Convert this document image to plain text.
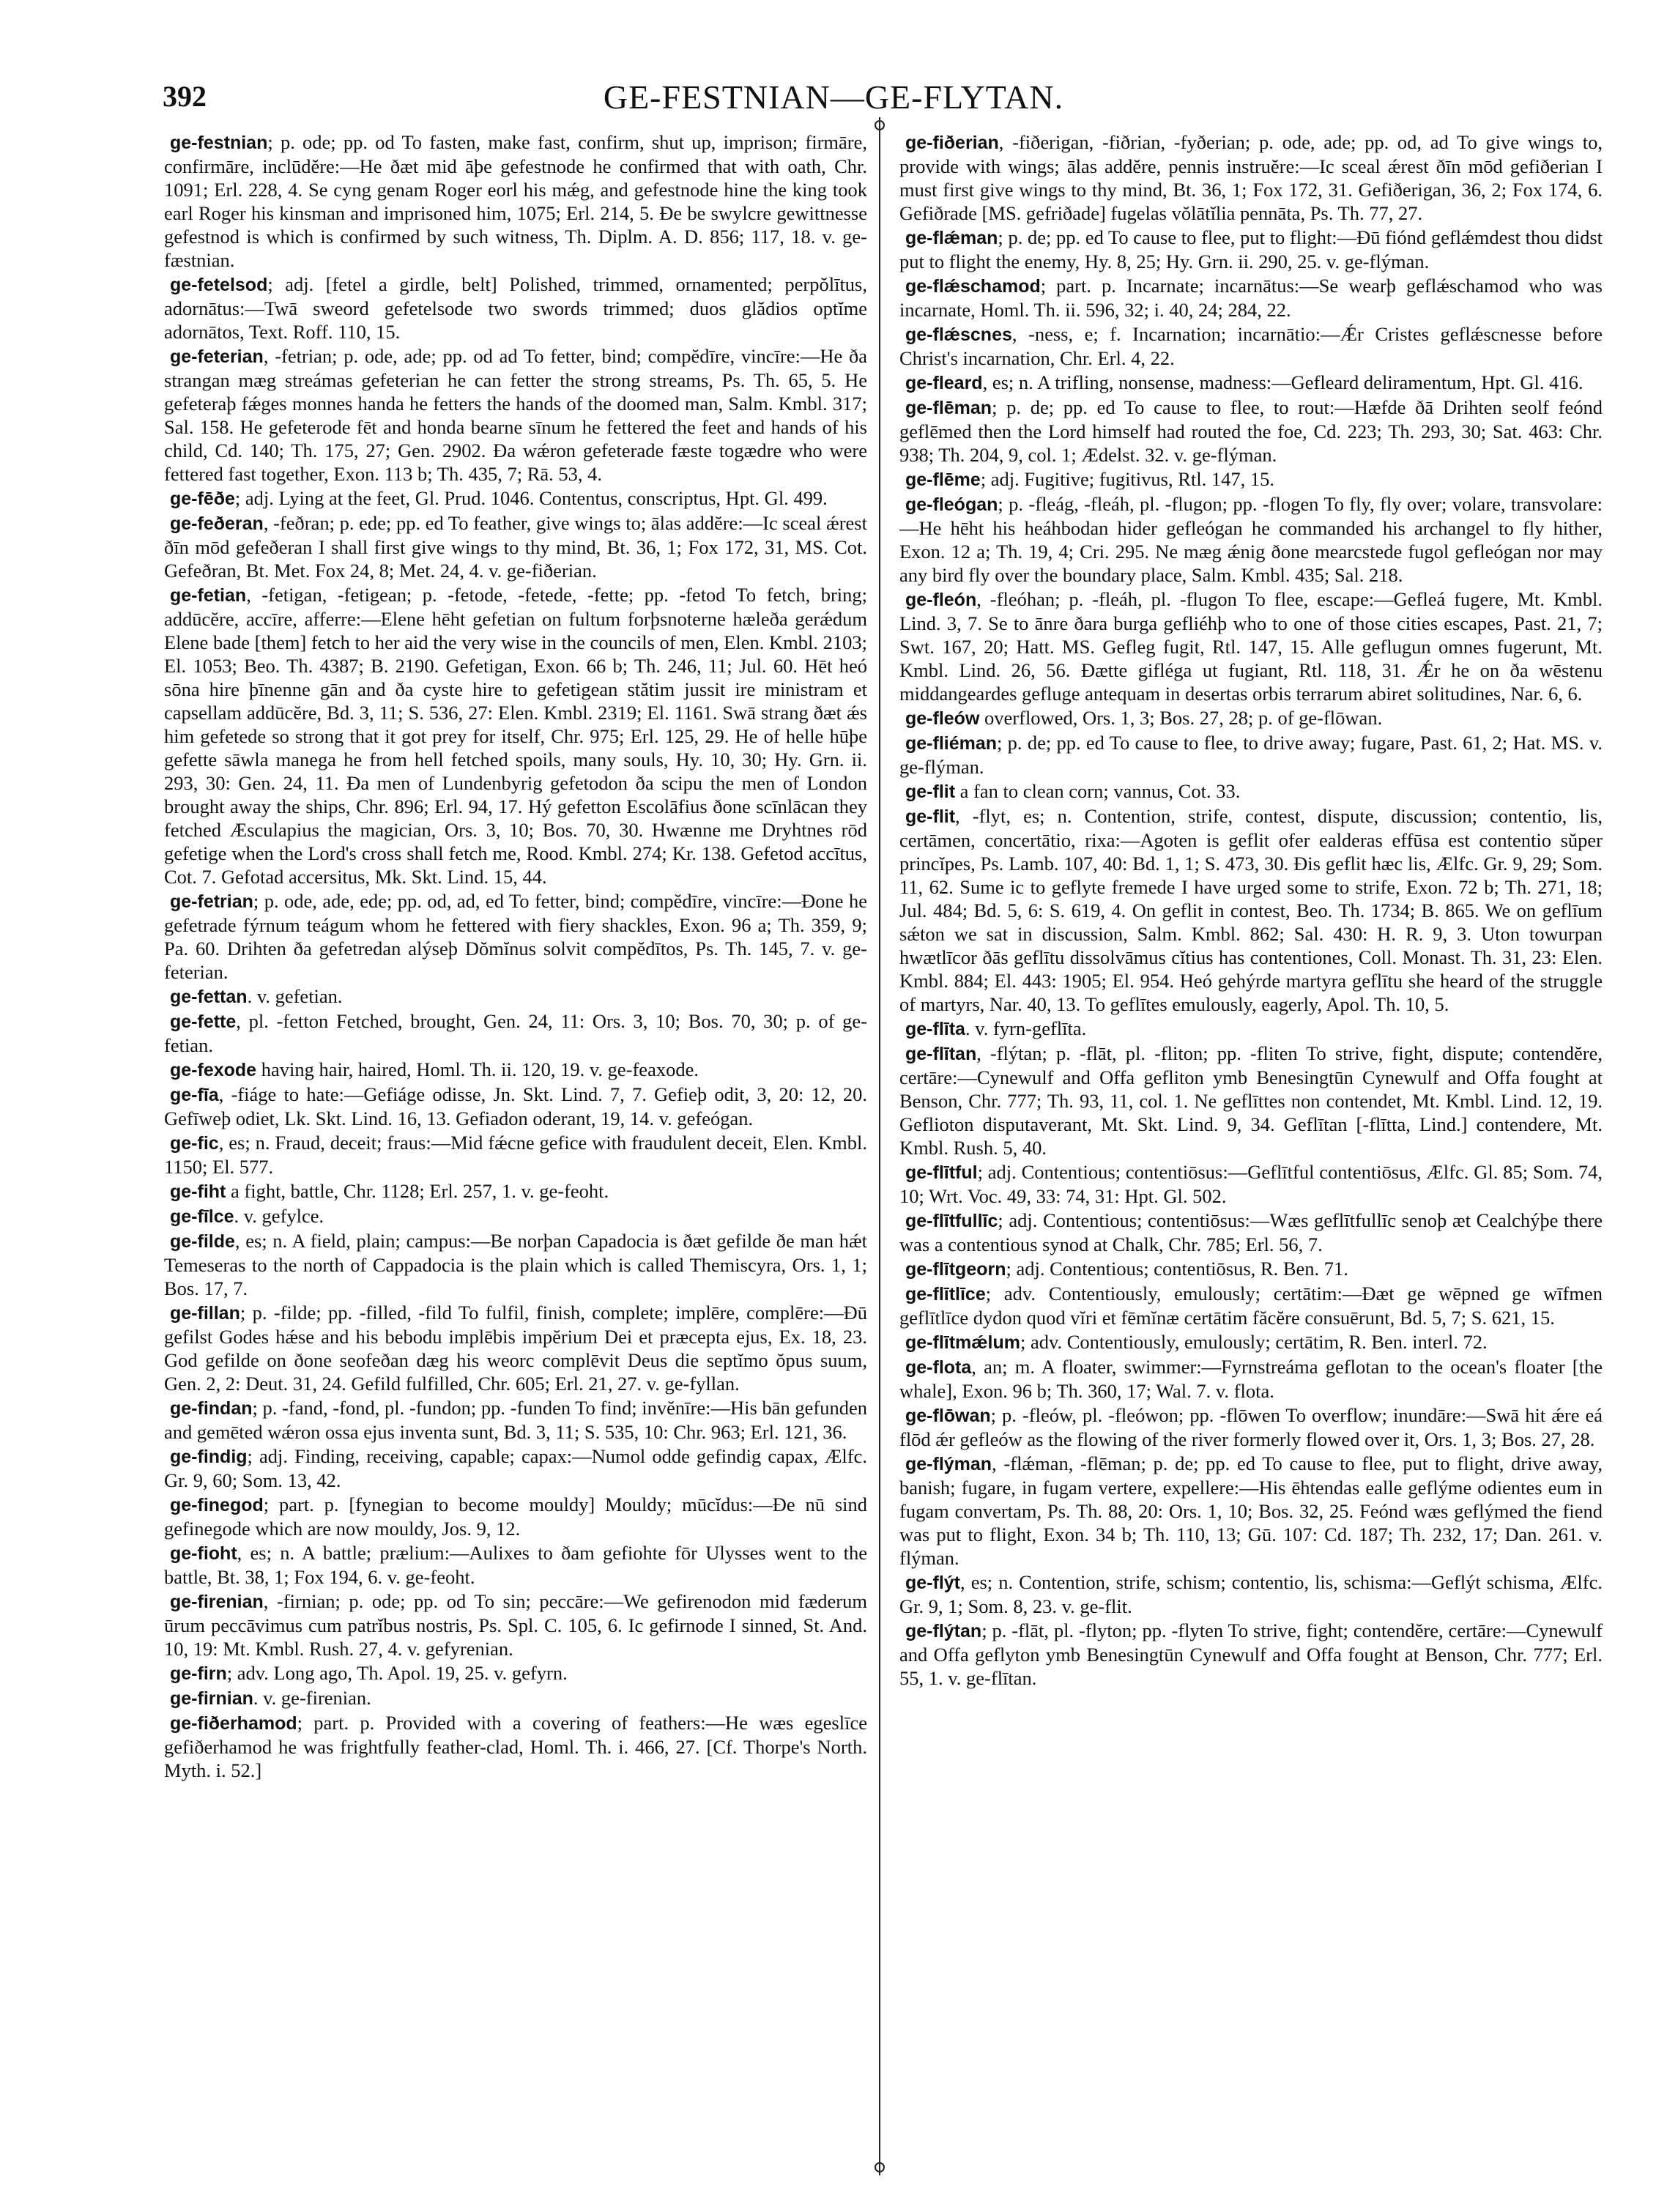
392	GE-FESTNIAN—GE-FLYTAN.

ge-festnian; p. ode; pp. od To fasten, make fast, confirm, shut up, imprison; firmāre, confirmāre, inclūdĕre:—He ðæt mid āþe gefestnode he confirmed that with oath, Chr. 1091; Erl. 228, 4. Se cyng genam Roger eorl his mǽg, and gefestnode hine the king took earl Roger his kinsman and imprisoned him, 1075; Erl. 214, 5. Ðe be swylcre gewittnesse gefestnod is which is confirmed by such witness, Th. Diplm. A. D. 856; 117, 18. v. ge-fæstnian.

ge-fetelsod; adj. [fetel a girdle, belt] Polished, trimmed, ornamented; perpŏlītus, adornātus:—Twā sweord gefetelsode two swords trimmed; duos glădios optĭme adornātos, Text. Roff. 110, 15.

ge-feterian, -fetrian; p. ode, ade; pp. od ad To fetter, bind; compĕdīre, vincīre:—He ða strangan mæg streámas gefeterian he can fetter the strong streams, Ps. Th. 65, 5. He gefeteraþ fǽges monnes handa he fetters the hands of the doomed man, Salm. Kmbl. 317; Sal. 158. He gefeterode fēt and honda bearne sīnum he fettered the feet and hands of his child, Cd. 140; Th. 175, 27; Gen. 2902. Ða wǽron gefeterade fæste togædre who were fettered fast together, Exon. 113 b; Th. 435, 7; Rā. 53, 4.

ge-fēðe; adj. Lying at the feet, Gl. Prud. 1046. Contentus, conscriptus, Hpt. Gl. 499.

ge-feðeran, -feðran; p. ede; pp. ed To feather, give wings to; ālas addĕre:—Ic sceal ǽrest ðīn mōd gefeðeran I shall first give wings to thy mind, Bt. 36, 1; Fox 172, 31, MS. Cot. Gefeðran, Bt. Met. Fox 24, 8; Met. 24, 4. v. ge-fiðerian.

ge-fetian, -fetigan, -fetigean; p. -fetode, -fetede, -fette; pp. -fetod To fetch, bring; addūcĕre, accīre, afferre:—Elene hēht gefetian on fultum forþsnoterne hæleða gerǽdum Elene bade [them] fetch to her aid the very wise in the councils of men, Elen. Kmbl. 2103; El. 1053; Beo. Th. 4387; B. 2190. Gefetigan, Exon. 66 b; Th. 246, 11; Jul. 60. Hēt heó sōna hire þīnenne gān and ða cyste hire to gefetigean stătim jussit ire ministram et capsellam addūcĕre, Bd. 3, 11; S. 536, 27: Elen. Kmbl. 2319; El. 1161. Swā strang ðæt ǽs him gefetede so strong that it got prey for itself, Chr. 975; Erl. 125, 29. He of helle hūþe gefette sāwla manega he from hell fetched spoils, many souls, Hy. 10, 30; Hy. Grn. ii. 293, 30: Gen. 24, 11. Ða men of Lundenbyrig gefetodon ða scipu the men of London brought away the ships, Chr. 896; Erl. 94, 17. Hý gefetton Escolāfius ðone scīnlācan they fetched Æsculapius the magician, Ors. 3, 10; Bos. 70, 30. Hwænne me Dryhtnes rōd gefetige when the Lord's cross shall fetch me, Rood. Kmbl. 274; Kr. 138. Gefetod accītus, Cot. 7. Gefotad accersitus, Mk. Skt. Lind. 15, 44.

ge-fetrian; p. ode, ade, ede; pp. od, ad, ed To fetter, bind; compĕdīre, vincīre:—Ðone he gefetrade fýrnum teágum whom he fettered with fiery shackles, Exon. 96 a; Th. 359, 9; Pa. 60. Drihten ða gefetredan alýseþ Dŏmĭnus solvit compĕdītos, Ps. Th. 145, 7. v. ge-feterian.

ge-fettan. v. gefetian.

ge-fette, pl. -fetton Fetched, brought, Gen. 24, 11: Ors. 3, 10; Bos. 70, 30; p. of ge-fetian.

ge-fexode having hair, haired, Homl. Th. ii. 120, 19. v. ge-feaxode.

ge-fīa, -fiáge to hate:—Gefiáge odisse, Jn. Skt. Lind. 7, 7. Gefieþ odit, 3, 20: 12, 20. Gefīweþ odiet, Lk. Skt. Lind. 16, 13. Gefiadon oderant, 19, 14. v. gefeógan.

ge-fic, es; n. Fraud, deceit; fraus:—Mid fǽcne gefice with fraudulent deceit, Elen. Kmbl. 1150; El. 577.

ge-fiht a fight, battle, Chr. 1128; Erl. 257, 1. v. ge-feoht.

ge-fīlce. v. gefylce.

ge-filde, es; n. A field, plain; campus:—Be norþan Capadocia is ðæt gefilde ðe man hǽt Temeseras to the north of Cappadocia is the plain which is called Themiscyra, Ors. 1, 1; Bos. 17, 7.

ge-fillan; p. -filde; pp. -filled, -fild To fulfil, finish, complete; implēre, complēre:—Ðū gefilst Godes hǽse and his bebodu implēbis impĕrium Dei et præcepta ejus, Ex. 18, 23. God gefilde on ðone seofeðan dæg his weorc complēvit Deus die septĭmo ŏpus suum, Gen. 2, 2: Deut. 31, 24. Gefild fulfilled, Chr. 605; Erl. 21, 27. v. ge-fyllan.

ge-findan; p. -fand, -fond, pl. -fundon; pp. -funden To find; invĕnīre:—His bān gefunden and gemēted wǽron ossa ejus inventa sunt, Bd. 3, 11; S. 535, 10: Chr. 963; Erl. 121, 36.

ge-findig; adj. Finding, receiving, capable; capax:—Numol odde gefindig capax, Ælfc. Gr. 9, 60; Som. 13, 42.

ge-finegod; part. p. [fynegian to become mouldy] Mouldy; mūcĭdus:—Ðe nū sind gefinegode which are now mouldy, Jos. 9, 12.

ge-fioht, es; n. A battle; prælium:—Aulixes to ðam gefiohte fōr Ulysses went to the battle, Bt. 38, 1; Fox 194, 6. v. ge-feoht.

ge-firenian, -firnian; p. ode; pp. od To sin; peccāre:—We gefirenodon mid fæderum ūrum peccāvimus cum patrĭbus nostris, Ps. Spl. C. 105, 6. Ic gefirnode I sinned, St. And. 10, 19: Mt. Kmbl. Rush. 27, 4. v. gefyrenian.

ge-firn; adv. Long ago, Th. Apol. 19, 25. v. gefyrn.

ge-firnian. v. ge-firenian.

ge-fiðerhamod; part. p. Provided with a covering of feathers:—He wæs egeslīce gefiðerhamod he was frightfully feather-clad, Homl. Th. i. 466, 27. [Cf. Thorpe's North. Myth. i. 52.]

ge-fiðerian, -fiðerigan, -fiðrian, -fyðerian; p. ode, ade; pp. od, ad To give wings to, provide with wings; ālas addĕre, pennis instruĕre:—Ic sceal ǽrest ðīn mōd gefiðerian I must first give wings to thy mind, Bt. 36, 1; Fox 172, 31. Gefiðerigan, 36, 2; Fox 174, 6. Gefiðrade [MS. gefriðade] fugelas vŏlātĭlia pennāta, Ps. Th. 77, 27.

ge-flǽman; p. de; pp. ed To cause to flee, put to flight:—Ðū fiónd geflǽmdest thou didst put to flight the enemy, Hy. 8, 25; Hy. Grn. ii. 290, 25. v. ge-flýman.

ge-flǽschamod; part. p. Incarnate; incarnātus:—Se wearþ geflǽschamod who was incarnate, Homl. Th. ii. 596, 32; i. 40, 24; 284, 22.

ge-flǽscnes, -ness, e; f. Incarnation; incarnātio:—Ǽr Cristes geflǽscnesse before Christ's incarnation, Chr. Erl. 4, 22.

ge-fleard, es; n. A trifling, nonsense, madness:—Gefleard deliramentum, Hpt. Gl. 416.

ge-flēman; p. de; pp. ed To cause to flee, to rout:—Hæfde ðā Drihten seolf feónd geflēmed then the Lord himself had routed the foe, Cd. 223; Th. 293, 30; Sat. 463: Chr. 938; Th. 204, 9, col. 1; Ædelst. 32. v. ge-flýman.

ge-flēme; adj. Fugitive; fugitivus, Rtl. 147, 15.

ge-fleógan; p. -fleág, -fleáh, pl. -flugon; pp. -flogen To fly, fly over; volare, transvolare:—He hēht his heáhbodan hider gefleógan he commanded his archangel to fly hither, Exon. 12 a; Th. 19, 4; Cri. 295. Ne mæg ǽnig ðone mearcstede fugol gefleógan nor may any bird fly over the boundary place, Salm. Kmbl. 435; Sal. 218.

ge-fleón, -fleóhan; p. -fleáh, pl. -flugon To flee, escape:—Gefleá fugere, Mt. Kmbl. Lind. 3, 7. Se to ānre ðara burga gefliéhþ who to one of those cities escapes, Past. 21, 7; Swt. 167, 20; Hatt. MS. Gefleg fugit, Rtl. 147, 15. Alle geflugun omnes fugerunt, Mt. Kmbl. Lind. 26, 56. Ðætte gifléga ut fugiant, Rtl. 118, 31. Ǽr he on ða wēstenu middangeardes gefluge antequam in desertas orbis terrarum abiret solitudines, Nar. 6, 6.

ge-fleów overflowed, Ors. 1, 3; Bos. 27, 28; p. of ge-flōwan.

ge-fliéman; p. de; pp. ed To cause to flee, to drive away; fugare, Past. 61, 2; Hat. MS. v. ge-flýman.

ge-flit a fan to clean corn; vannus, Cot. 33.

ge-flit, -flyt, es; n. Contention, strife, contest, dispute, discussion; contentio, lis, certāmen, concertātio, rixa:—Agoten is geflit ofer ealderas effūsa est contentio sŭper princĭpes, Ps. Lamb. 107, 40: Bd. 1, 1; S. 473, 30. Ðis geflit hæc lis, Ælfc. Gr. 9, 29; Som. 11, 62. Sume ic to geflyte fremede I have urged some to strife, Exon. 72 b; Th. 271, 18; Jul. 484; Bd. 5, 6: S. 619, 4. On geflit in contest, Beo. Th. 1734; B. 865. We on geflīum sǽton we sat in discussion, Salm. Kmbl. 862; Sal. 430: H. R. 9, 3. Uton towurpan hwætlīcor ðās geflītu dissolvāmus cĭtius has contentiones, Coll. Monast. Th. 31, 23: Elen. Kmbl. 884; El. 443: 1905; El. 954. Heó gehýrde martyra geflītu she heard of the struggle of martyrs, Nar. 40, 13. To geflītes emulously, eagerly, Apol. Th. 10, 5.

ge-flīta. v. fyrn-geflīta.

ge-flītan, -flýtan; p. -flāt, pl. -fliton; pp. -fliten To strive, fight, dispute; contendĕre, certāre:—Cynewulf and Offa gefliton ymb Benesingtūn Cynewulf and Offa fought at Benson, Chr. 777; Th. 93, 11, col. 1. Ne geflīttes non contendet, Mt. Kmbl. Lind. 12, 19. Geflioton disputaverant, Mt. Skt. Lind. 9, 34. Geflītan [-flītta, Lind.] contendere, Mt. Kmbl. Rush. 5, 40.

ge-flītful; adj. Contentious; contentiōsus:—Geflītful contentiōsus, Ælfc. Gl. 85; Som. 74, 10; Wrt. Voc. 49, 33: 74, 31: Hpt. Gl. 502.

ge-flītfullīc; adj. Contentious; contentiōsus:—Wæs geflītfullīc senoþ æt Cealchýþe there was a contentious synod at Chalk, Chr. 785; Erl. 56, 7.

ge-flītgeorn; adj. Contentious; contentiōsus, R. Ben. 71.

ge-flītlīce; adv. Contentiously, emulously; certātim:—Ðæt ge wēpned ge wīfmen geflītlīce dydon quod vĭri et fēmĭnæ certātim făcĕre consuērunt, Bd. 5, 7; S. 621, 15.

ge-flītmǽlum; adv. Contentiously, emulously; certātim, R. Ben. interl. 72.

ge-flota, an; m. A floater, swimmer:—Fyrnstreáma geflotan to the ocean's floater [the whale], Exon. 96 b; Th. 360, 17; Wal. 7. v. flota.

ge-flōwan; p. -fleów, pl. -fleówon; pp. -flōwen To overflow; inundāre:—Swā hit ǽre eá flōd ǽr gefleów as the flowing of the river formerly flowed over it, Ors. 1, 3; Bos. 27, 28.

ge-flýman, -flǽman, -flēman; p. de; pp. ed To cause to flee, put to flight, drive away, banish; fugare, in fugam vertere, expellere:—His ēhtendas ealle geflýme odientes eum in fugam convertam, Ps. Th. 88, 20: Ors. 1, 10; Bos. 32, 25. Feónd wæs geflýmed the fiend was put to flight, Exon. 34 b; Th. 110, 13; Gū. 107: Cd. 187; Th. 232, 17; Dan. 261. v. flýman.

ge-flýt, es; n. Contention, strife, schism; contentio, lis, schisma:—Geflýt schisma, Ælfc. Gr. 9, 1; Som. 8, 23. v. ge-flit.

ge-flýtan; p. -flāt, pl. -flyton; pp. -flyten To strive, fight; contendĕre, certāre:—Cynewulf and Offa geflyton ymb Benesingtūn Cynewulf and Offa fought at Benson, Chr. 777; Erl. 55, 1. v. ge-flītan.
